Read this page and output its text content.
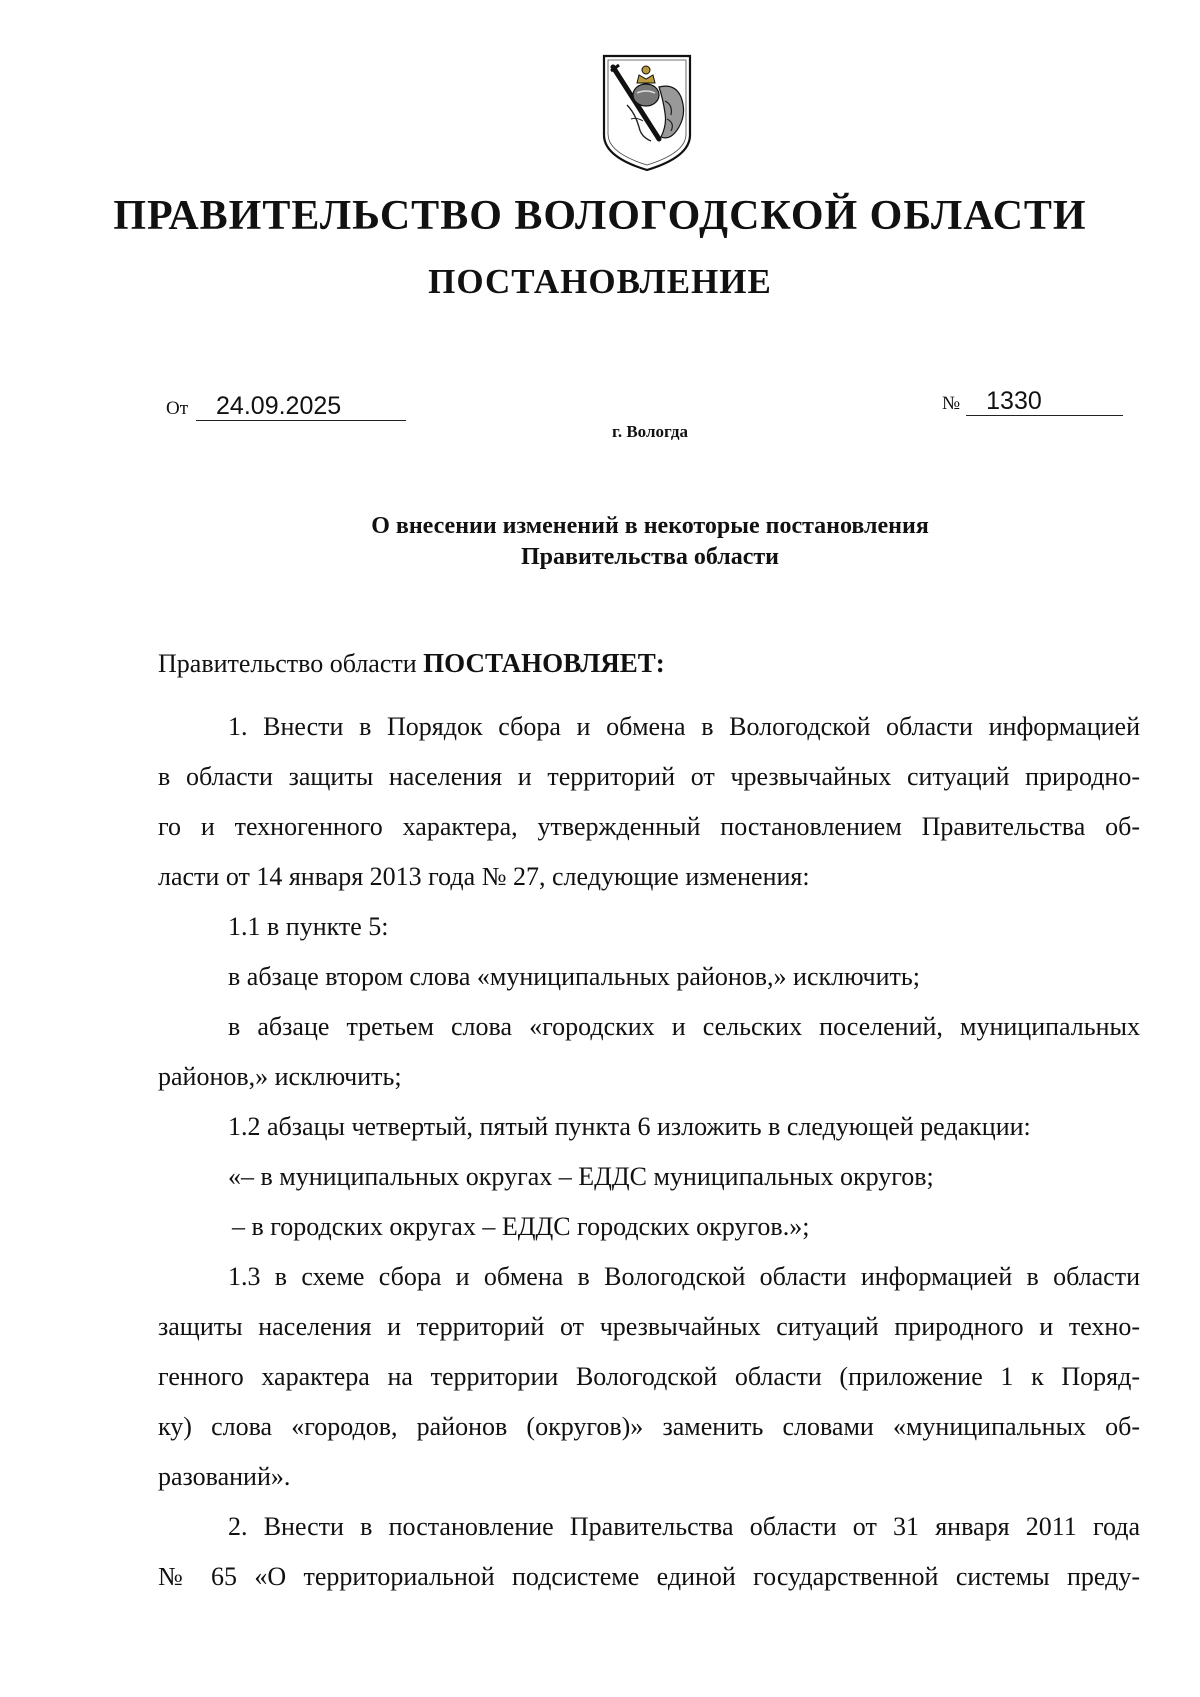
ПРАВИТЕЛЬСТВО ВОЛОГОДСКОЙ ОБЛАСТИ
ПОСТАНОВЛЕНИЕ
От 24.09.2025	№ 1330
г. Вологда
О внесении изменений в некоторые постановления
Правительства области
Правительство области ПОСТАНОВЛЯЕТ:
1. Внести в Порядок сбора и обмена в Вологодской области информацией
в области защиты населения и территорий от чрезвычайных ситуаций природно-
го и техногенного характера, утвержденный постановлением Правительства об-
ласти от 14 января 2013 года № 27, следующие изменения:
1.1 в пункте 5:
в абзаце втором слова «муниципальных районов,» исключить;
в абзаце третьем слова «городских и сельских поселений, муниципальных
районов,» исключить;
1.2 абзацы четвертый, пятый пункта 6 изложить в следующей редакции:
«– в муниципальных округах – ЕДДС муниципальных округов;
– в городских округах – ЕДДС городских округов.»;
1.3 в схеме сбора и обмена в Вологодской области информацией в области
защиты населения и территорий от чрезвычайных ситуаций природного и техно-
генного характера на территории Вологодской области (приложение 1 к Поряд-
ку) слова «городов, районов (округов)» заменить словами «муниципальных об-
разований».
2. Внести в постановление Правительства области от 31 января 2011 года
№ 65 «О территориальной подсистеме единой государственной системы преду-
